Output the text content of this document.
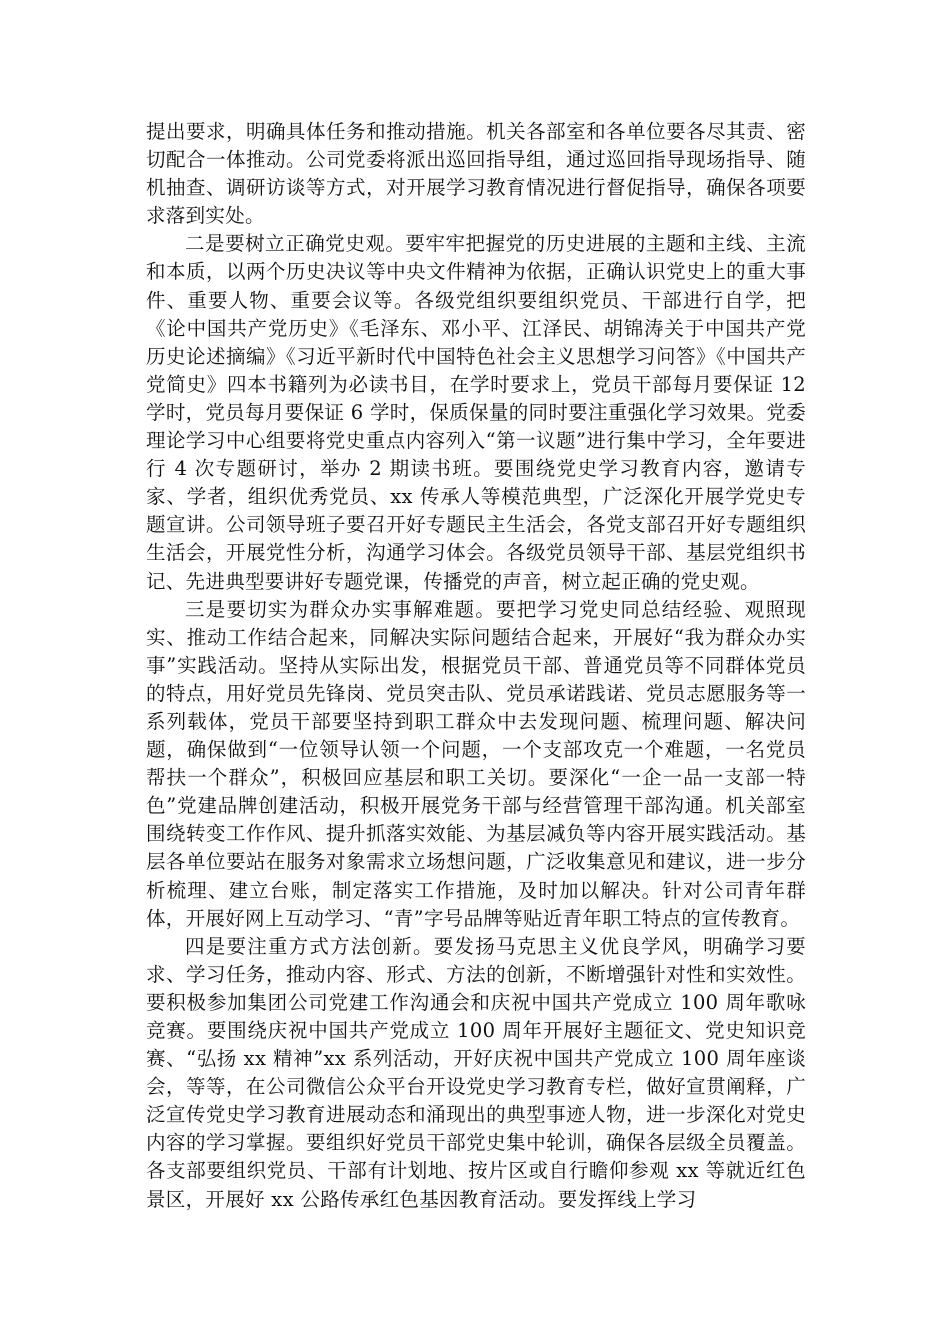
提出要求，明确具体任务和推动措施。机关各部室和各单位要各尽其责、密切配合一体推动。公司党委将派出巡回指导组，通过巡回指导现场指导、随机抽查、调研访谈等方式，对开展学习教育情况进行督促指导，确保各项要求落到实处。

二是要树立正确党史观。要牢牢把握党的历史进展的主题和主线、主流和本质，以两个历史决议等中央文件精神为依据，正确认识党史上的重大事件、重要人物、重要会议等。各级党组织要组织党员、干部进行自学，把《论中国共产党历史》《毛泽东、邓小平、江泽民、胡锦涛关于中国共产党历史论述摘编》《习近平新时代中国特色社会主义思想学习问答》《中国共产党简史》四本书籍列为必读书目，在学时要求上，党员干部每月要保证 12 学时，党员每月要保证 6 学时，保质保量的同时要注重强化学习效果。党委理论学习中心组要将党史重点内容列入“第一议题”进行集中学习，全年要进行 4 次专题研讨，举办 2 期读书班。要围绕党史学习教育内容，邀请专家、学者，组织优秀党员、xx 传承人等模范典型，广泛深化开展学党史专题宣讲。公司领导班子要召开好专题民主生活会，各党支部召开好专题组织生活会，开展党性分析，沟通学习体会。各级党员领导干部、基层党组织书记、先进典型要讲好专题党课，传播党的声音，树立起正确的党史观。

三是要切实为群众办实事解难题。要把学习党史同总结经验、观照现实、推动工作结合起来，同解决实际问题结合起来，开展好“我为群众办实事”实践活动。坚持从实际出发，根据党员干部、普通党员等不同群体党员的特点，用好党员先锋岗、党员突击队、党员承诺践诺、党员志愿服务等一系列载体，党员干部要坚持到职工群众中去发现问题、梳理问题、解决问题，确保做到“一位领导认领一个问题，一个支部攻克一个难题，一名党员帮扶一个群众”，积极回应基层和职工关切。要深化“一企一品一支部一特色”党建品牌创建活动，积极开展党务干部与经营管理干部沟通。机关部室围绕转变工作作风、提升抓落实效能、为基层减负等内容开展实践活动。基层各单位要站在服务对象需求立场想问题，广泛收集意见和建议，进一步分析梳理、建立台账，制定落实工作措施，及时加以解决。针对公司青年群体，开展好网上互动学习、“青”字号品牌等贴近青年职工特点的宣传教育。

四是要注重方式方法创新。要发扬马克思主义优良学风，明确学习要求、学习任务，推动内容、形式、方法的创新，不断增强针对性和实效性。要积极参加集团公司党建工作沟通会和庆祝中国共产党成立 100 周年歌咏竞赛。要围绕庆祝中国共产党成立 100 周年开展好主题征文、党史知识竞赛、“弘扬 xx 精神”xx 系列活动，开好庆祝中国共产党成立 100 周年座谈会，等等，在公司微信公众平台开设党史学习教育专栏，做好宣贯阐释，广泛宣传党史学习教育进展动态和涌现出的典型事迹人物，进一步深化对党史内容的学习掌握。要组织好党员干部党史集中轮训，确保各层级全员覆盖。各支部要组织党员、干部有计划地、按片区或自行瞻仰参观 xx 等就近红色景区，开展好 xx 公路传承红色基因教育活动。要发挥线上学习
